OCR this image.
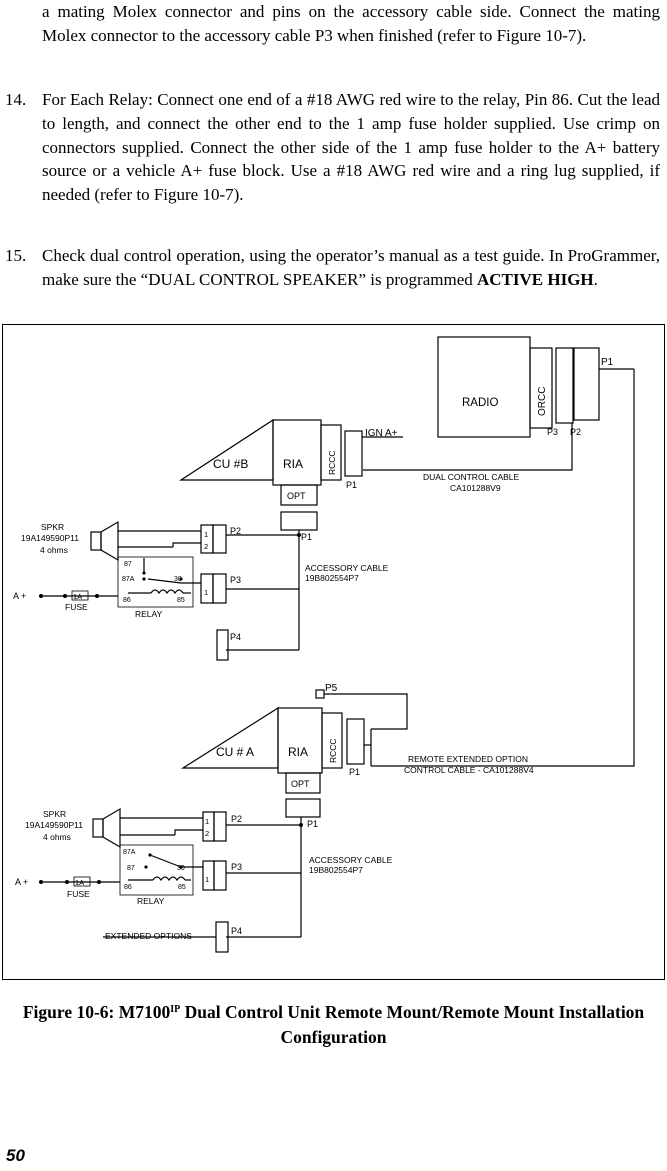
a mating Molex connector and pins on the accessory cable side. Connect the mating Molex connector to the accessory cable P3 when finished (refer to Figure 10-7).
14. For Each Relay: Connect one end of a #18 AWG red wire to the relay, Pin 86. Cut the lead to length, and connect the other end to the 1 amp fuse holder supplied. Use crimp on connectors supplied. Connect the other side of the 1 amp fuse holder to the A+ battery source or a vehicle A+ fuse block. Use a #18 AWG red wire and a ring lug supplied, if needed (refer to Figure 10-7).
15. Check dual control operation, using the operator’s manual as a test guide. In ProGrammer, make sure the “DUAL CONTROL SPEAKER” is programmed ACTIVE HIGH.
RADIO	ORCC
P1
P3 P2
IGN A+
DUAL CONTROL CABLE
CA101288V9
CU #B	RIA	RCCC
P1
OPT
P1
SPKR
19A149590P11
4 ohms
P2
P3
P4
1
2
1
ACCESSORY CABLE
19B802554P7
87
87A	30
86	85
A +	1A
FUSE
RELAY
P5
REMOTE EXTENDED OPTION
CONTROL CABLE - CA101288V4
CU # A	RIA RCCC
P1
OPT
P1
SPKR
19A149590P11
4 ohms
P2
P3
P4
1
2
1
ACCESSORY CABLE
19B802554P7
87A
87	30
86	85
A +	1A
FUSE
RELAY
EXTENDED OPTIONS
Figure 10-6: $M7100^{IP}$ Dual Control Unit Remote Mount/Remote Mount Installation Configuration
50
